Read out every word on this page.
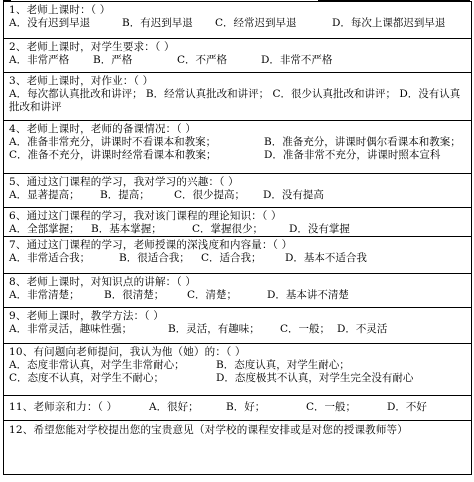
1、老师上课时：（ ）
A．没有迟到早退	B．有迟到早退	C．经常迟到早退	D．每次上课都迟到早退
2、老师上课时，对学生要求：（ ）
A．非常严格	B．严格	C．不严格	D．非常不严格
3、老师上课时，对作业：（ ）
A．每次都认真批改和讲评； B．经常认真批改和讲评； C．很少认真批改和讲评； D．没有认真批改和讲评
4、老师上课时，老师的备课情况：（ ）
A．准备非常充分，讲课时不看课本和教案；	B．准备充分，讲课时偶尔看课本和教案；
C．准备不充分，讲课时经常看课本和教案；	D．准备非常不充分，讲课时照本宣科
5、通过这门课程的学习，我对学习的兴趣：（ ）
A．显著提高；	B．提高；	C．很少提高；	D．没有提高
6、通过这门课程的学习，我对该门课程的理论知识：（ ）
A．全部掌握；	B．基本掌握；	C．掌握很少；	D．没有掌握
7、通过这门课程的学习，老师授课的深浅度和内容量：（ ）
A．非常适合我；	B．很适合我；	C．适合我；	D．基本不适合我
8、老师上课时，对知识点的讲解：（ ）
A．非常清楚；	B．很清楚；	C．清楚；	D．基本讲不清楚
9、老师上课时，教学方法：（ ）
A．非常灵活，趣味性强；	B．灵活，有趣味；	C．一般； D．不灵活
10、有问题向老师提问，我认为他（她）的：（ ）
A．态度非常认真，对学生非常耐心；	B．态度认真，对学生耐心；
C．态度不认真，对学生不耐心；	D．态度极其不认真，对学生完全没有耐心
11、老师亲和力：（ ）	A．很好；	B．好；	C．一般；	D．不好
12、希望您能对学校提出您的宝贵意见（对学校的课程安排或是对您的授课教师等）
